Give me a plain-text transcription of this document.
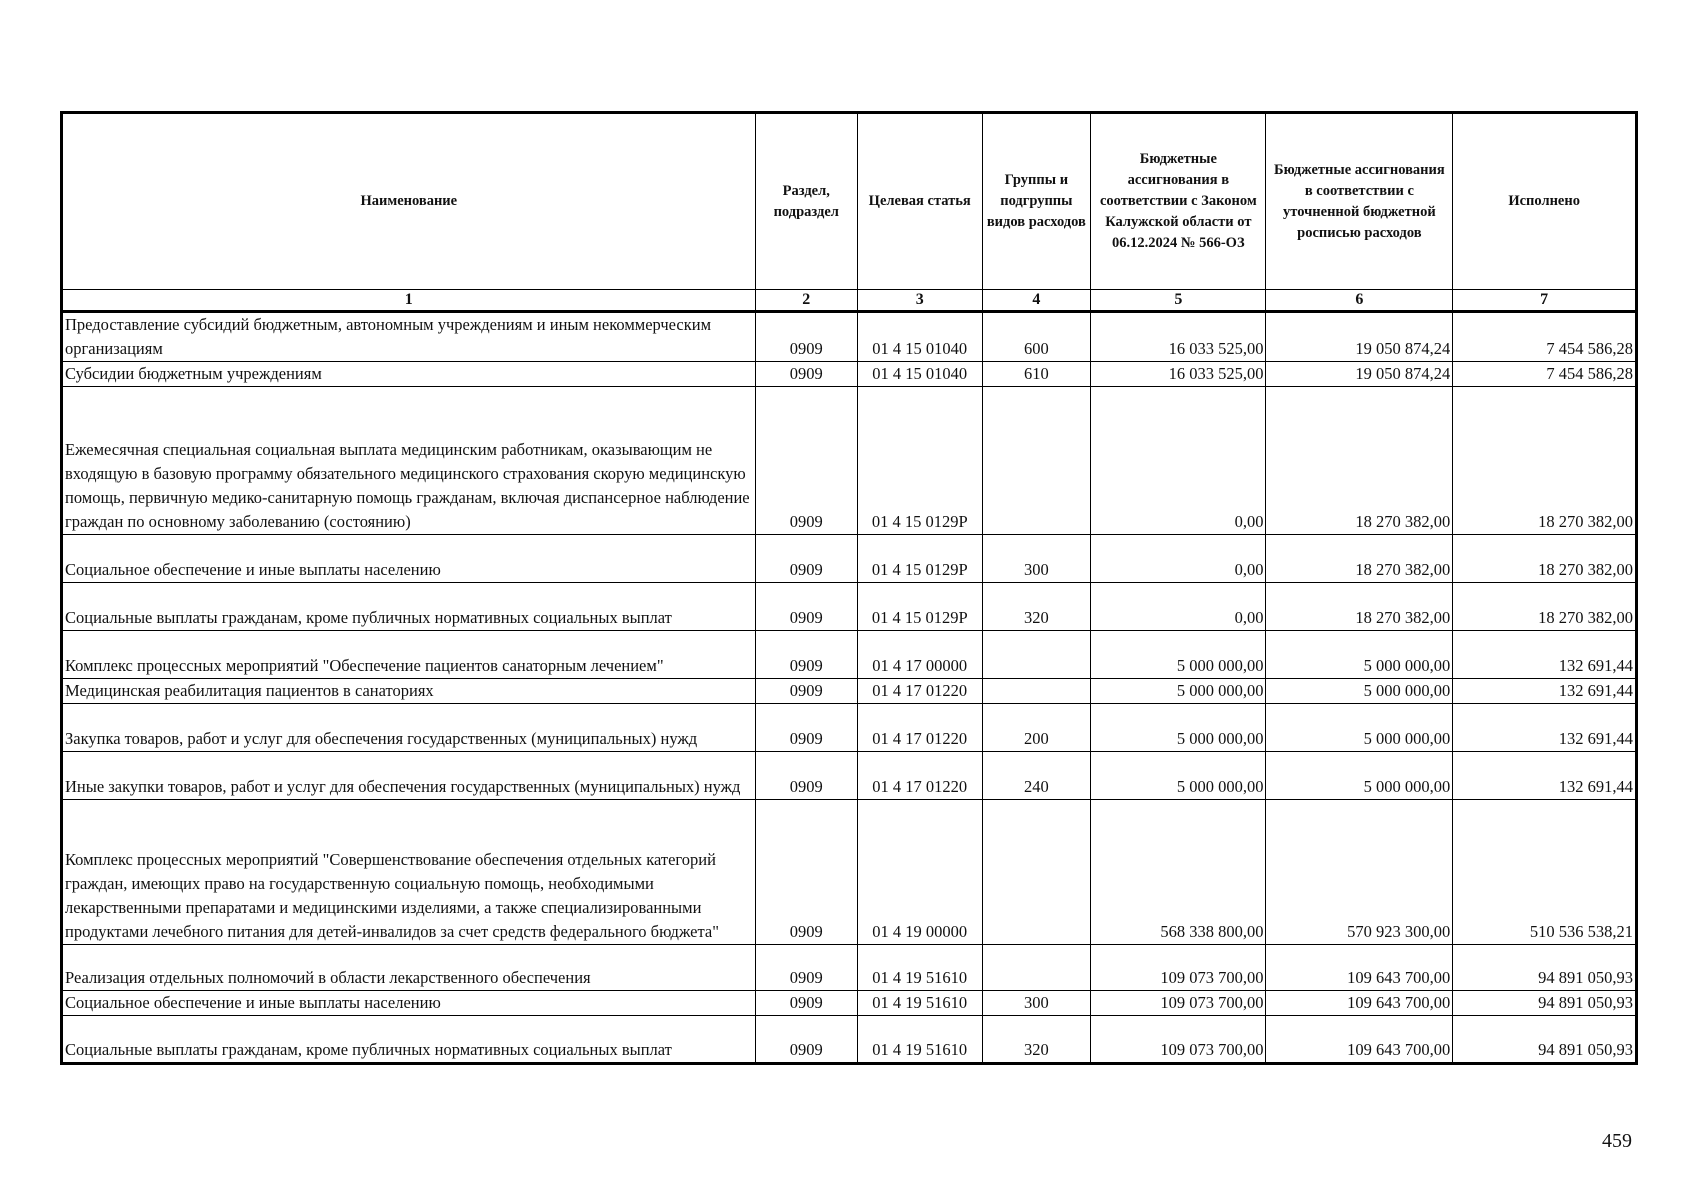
Наименование	Раздел, подраздел	Целевая статья	Группы и подгруппы видов расходов	Бюджетные ассигнования в соответствии с Законом Калужской области от 06.12.2024 № 566-ОЗ	Бюджетные ассигнования в соответствии с уточненной бюджетной росписью расходов	Исполнено
1	2	3	4	5	6	7
Предоставление субсидий бюджетным, автономным учреждениям и иным некоммерческим организациям	0909	01 4 15 01040	600	16 033 525,00	19 050 874,24	7 454 586,28
Субсидии бюджетным учреждениям	0909	01 4 15 01040	610	16 033 525,00	19 050 874,24	7 454 586,28
Ежемесячная специальная социальная выплата медицинским работникам, оказывающим не входящую в базовую программу обязательного медицинского страхования скорую медицинскую помощь, первичную медико-санитарную помощь гражданам, включая диспансерное наблюдение граждан по основному заболеванию (состоянию)	0909	01 4 15 0129Р		0,00	18 270 382,00	18 270 382,00
Социальное обеспечение и иные выплаты населению	0909	01 4 15 0129Р	300	0,00	18 270 382,00	18 270 382,00
Социальные выплаты гражданам, кроме публичных нормативных социальных выплат	0909	01 4 15 0129Р	320	0,00	18 270 382,00	18 270 382,00
Комплекс процессных мероприятий "Обеспечение пациентов санаторным лечением"	0909	01 4 17 00000		5 000 000,00	5 000 000,00	132 691,44
Медицинская реабилитация пациентов в санаториях	0909	01 4 17 01220		5 000 000,00	5 000 000,00	132 691,44
Закупка товаров, работ и услуг для обеспечения государственных (муниципальных) нужд	0909	01 4 17 01220	200	5 000 000,00	5 000 000,00	132 691,44
Иные закупки товаров, работ и услуг для обеспечения государственных (муниципальных) нужд	0909	01 4 17 01220	240	5 000 000,00	5 000 000,00	132 691,44
Комплекс процессных мероприятий "Совершенствование обеспечения отдельных категорий граждан, имеющих право на государственную социальную помощь, необходимыми лекарственными препаратами и медицинскими изделиями, а также специализированными продуктами лечебного питания для детей-инвалидов за счет средств федерального бюджета"	0909	01 4 19 00000		568 338 800,00	570 923 300,00	510 536 538,21
Реализация отдельных полномочий в области лекарственного обеспечения	0909	01 4 19 51610		109 073 700,00	109 643 700,00	94 891 050,93
Социальное обеспечение и иные выплаты населению	0909	01 4 19 51610	300	109 073 700,00	109 643 700,00	94 891 050,93
Социальные выплаты гражданам, кроме публичных нормативных социальных выплат	0909	01 4 19 51610	320	109 073 700,00	109 643 700,00	94 891 050,93
459
